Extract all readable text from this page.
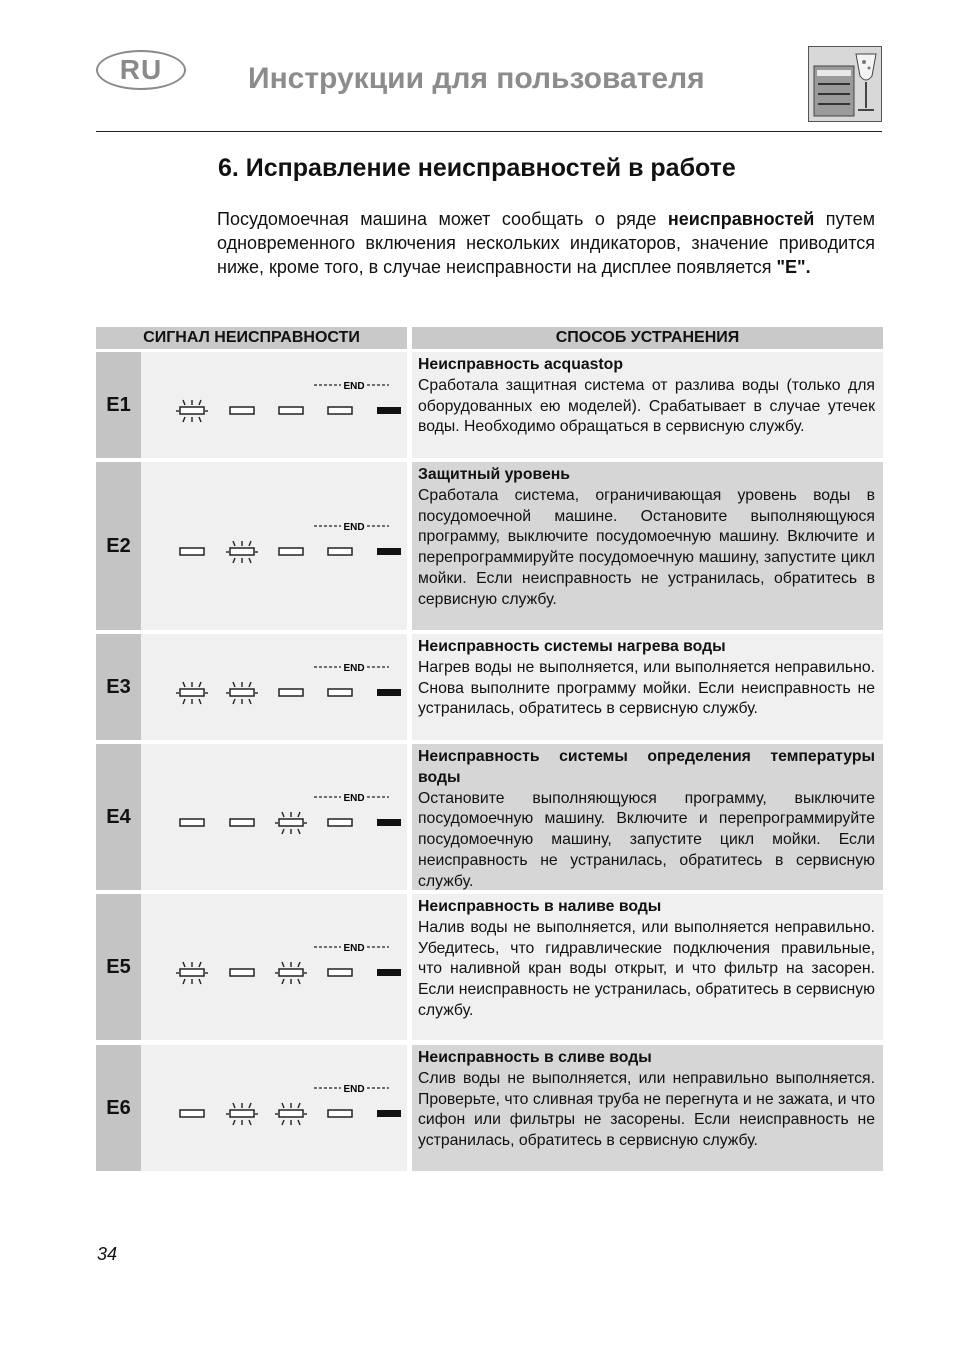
RU	Инструкции для пользователя
6. Исправление неисправностей в работе
Посудомоечная машина может сообщать о ряде неисправностей путем одновременного включения нескольких индикаторов, значение приводится ниже, кроме того, в случае неисправности на дисплее появляется "E".
СИГНАЛ НЕИСПРАВНОСТИ	СПОСОБ УСТРАНЕНИЯ
E1
END
Неисправность acquastop
Сработала защитная система от разлива воды (только для оборудованных ею моделей). Срабатывает в случае утечек воды. Необходимо обращаться в сервисную службу.
E2
END
Защитный уровень
Сработала система, ограничивающая уровень воды в посудомоечной машине. Остановите выполняющуюся программу, выключите посудомоечную машину. Включите и перепрограммируйте посудомоечную машину, запустите цикл мойки. Если неисправность не устранилась, обратитесь в сервисную службу.
E3
END
Неисправность системы нагрева воды
Нагрев воды не выполняется, или выполняется неправильно. Снова выполните программу мойки. Если неисправность не устранилась, обратитесь в сервисную службу.
E4
END
Неисправность системы определения температуры воды
Остановите выполняющуюся программу, выключите посудомоечную машину. Включите и перепрограммируйте посудомоечную машину, запустите цикл мойки. Если неисправность не устранилась, обратитесь в сервисную службу.
E5
END
Неисправность в наливе воды
Налив воды не выполняется, или выполняется неправильно. Убедитесь, что гидравлические подключения правильные, что наливной кран воды открыт, и что фильтр на засорен. Если неисправность не устранилась, обратитесь в сервисную службу.
E6
END
Неисправность в сливе воды
Слив воды не выполняется, или неправильно выполняется. Проверьте, что сливная труба не перегнута и не зажата, и что сифон или фильтры не засорены. Если неисправность не устранилась, обратитесь в сервисную службу.
34
